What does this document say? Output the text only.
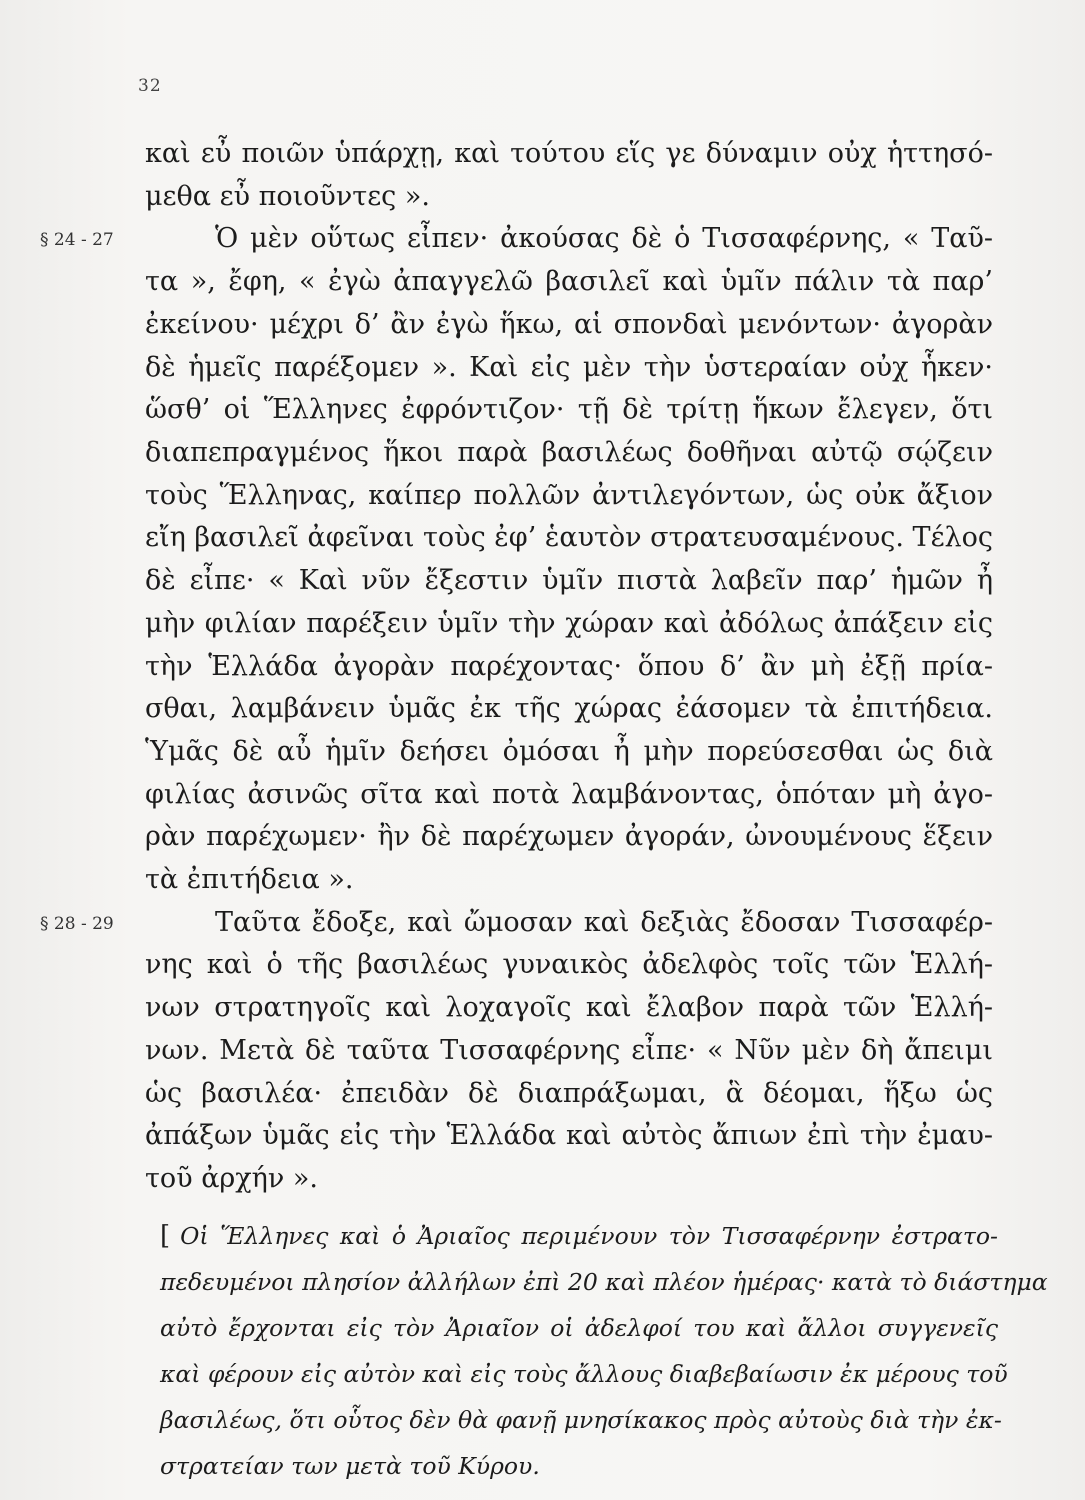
32
§ 24 - 27
§ 28 - 29
καὶ εὖ ποιῶν ὑπάρχῃ, καὶ τούτου εἵς γε δύναμιν οὐχ ἡττησό-
μεθα εὖ ποιοῦντες ».
Ὁ μὲν οὕτως εἶπεν· ἀκούσας δὲ ὁ Τισσαφέρνης, « Ταῦ-
τα », ἔφη, « ἐγὼ ἀπαγγελῶ βασιλεῖ καὶ ὑμῖν πάλιν τὰ παρ’
ἐκείνου· μέχρι δ’ ἂν ἐγὼ ἥκω, αἱ σπονδαὶ μενόντων· ἀγορὰν
δὲ ἡμεῖς παρέξομεν ». Καὶ εἰς μὲν τὴν ὑστεραίαν οὐχ ἧκεν·
ὥσθ’ οἱ Ἕλληνες ἐφρόντιζον· τῇ δὲ τρίτῃ ἥκων ἔλεγεν, ὅτι
διαπεπραγμένος ἥκοι παρὰ βασιλέως δοθῆναι αὐτῷ σῴζειν
τοὺς Ἕλληνας, καίπερ πολλῶν ἀντιλεγόντων, ὡς οὐκ ἄξιον
εἴη βασιλεῖ ἀφεῖναι τοὺς ἐφ’ ἑαυτὸν στρατευσαμένους. Τέλος
δὲ εἶπε· « Καὶ νῦν ἔξεστιν ὑμῖν πιστὰ λαβεῖν παρ’ ἡμῶν ἦ
μὴν φιλίαν παρέξειν ὑμῖν τὴν χώραν καὶ ἀδόλως ἀπάξειν εἰς
τὴν Ἑλλάδα ἀγορὰν παρέχοντας· ὅπου δ’ ἂν μὴ ἐξῇ πρία-
σθαι, λαμβάνειν ὑμᾶς ἐκ τῆς χώρας ἐάσομεν τὰ ἐπιτήδεια.
Ὑμᾶς δὲ αὖ ἡμῖν δεήσει ὀμόσαι ἦ μὴν πορεύσεσθαι ὡς διὰ
φιλίας ἀσινῶς σῖτα καὶ ποτὰ λαμβάνοντας, ὁπόταν μὴ ἀγο-
ρὰν παρέχωμεν· ἢν δὲ παρέχωμεν ἀγοράν, ὠνουμένους ἕξειν
τὰ ἐπιτήδεια ».
Ταῦτα ἔδοξε, καὶ ὤμοσαν καὶ δεξιὰς ἔδοσαν Τισσαφέρ-
νης καὶ ὁ τῆς βασιλέως γυναικὸς ἀδελφὸς τοῖς τῶν Ἑλλή-
νων στρατηγοῖς καὶ λοχαγοῖς καὶ ἔλαβον παρὰ τῶν Ἑλλή-
νων. Μετὰ δὲ ταῦτα Τισσαφέρνης εἶπε· « Νῦν μὲν δὴ ἄπειμι
ὡς βασιλέα· ἐπειδὰν δὲ διαπράξωμαι, ἃ δέομαι, ἥξω ὡς
ἀπάξων ὑμᾶς εἰς τὴν Ἑλλάδα καὶ αὐτὸς ἄπιων ἐπὶ τὴν ἐμαυ-
τοῦ ἀρχήν ».
[ Οἱ Ἕλληνες καὶ ὁ Ἀριαῖος περιμένουν τὸν Τισσαφέρνην ἐστρατο-
πεδευμένοι πλησίον ἀλλήλων ἐπὶ 20 καὶ πλέον ἡμέρας· κατὰ τὸ διάστημα
αὐτὸ ἔρχονται εἰς τὸν Ἀριαῖον οἱ ἀδελφοί του καὶ ἄλλοι συγγενεῖς
καὶ φέρουν εἰς αὐτὸν καὶ εἰς τοὺς ἄλλους διαβεβαίωσιν ἐκ μέρους τοῦ
βασιλέως, ὅτι οὗτος δὲν θὰ φανῇ μνησίκακος πρὸς αὐτοὺς διὰ τὴν ἐκ-
στρατείαν των μετὰ τοῦ Κύρου.
